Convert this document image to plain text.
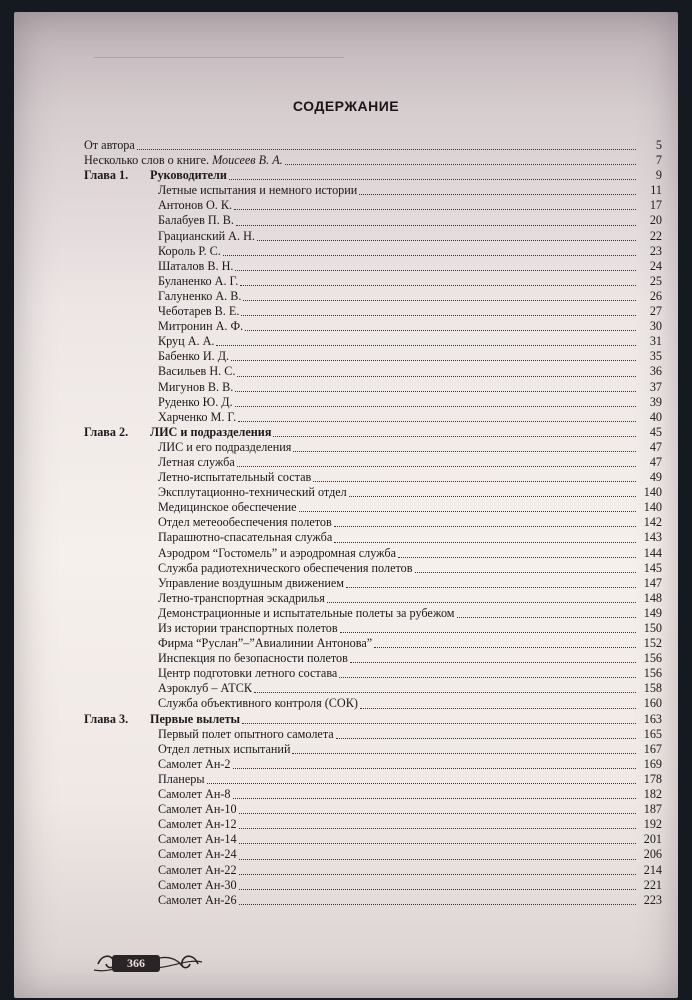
СОДЕРЖАНИЕ
От автора	5
Несколько слов о книге. Моисеев В. А.	7
Глава 1.	Руководители	9
Летные испытания и немного истории	11
Антонов О. К.	17
Балабуев П. В.	20
Грацианский А. Н.	22
Король Р. С.	23
Шаталов В. Н.	24
Буланенко А. Г.	25
Галуненко А. В.	26
Чеботарев В. Е.	27
Митронин А. Ф.	30
Круц А. А.	31
Бабенко И. Д.	35
Васильев Н. С.	36
Мигунов В. В.	37
Руденко Ю. Д.	39
Харченко М. Г.	40
Глава 2.	ЛИС и подразделения	45
ЛИС и его подразделения	47
Летная служба	47
Летно-испытательный состав	49
Эксплутационно-технический отдел	140
Медицинское обеспечение	140
Отдел метеообеспечения полетов	142
Парашютно-спасательная служба	143
Аэродром “Гостомель” и аэродромная служба	144
Служба радиотехнического обеспечения полетов	145
Управление воздушным движением	147
Летно-транспортная эскадрилья	148
Демонстрационные и испытательные полеты за рубежом	149
Из истории транспортных полетов	150
Фирма “Руслан”–”Авиалинии Антонова”	152
Инспекция по безопасности полетов	156
Центр подготовки летного состава	156
Аэроклуб – АТСК	158
Служба объективного контроля (СОК)	160
Глава 3.	Первые вылеты	163
Первый полет опытного самолета	165
Отдел летных испытаний	167
Самолет Ан-2	169
Планеры	178
Самолет Ан-8	182
Самолет Ан-10	187
Самолет Ан-12	192
Самолет Ан-14	201
Самолет Ан-24	206
Самолет Ан-22	214
Самолет Ан-30	221
Самолет Ан-26	223
366
